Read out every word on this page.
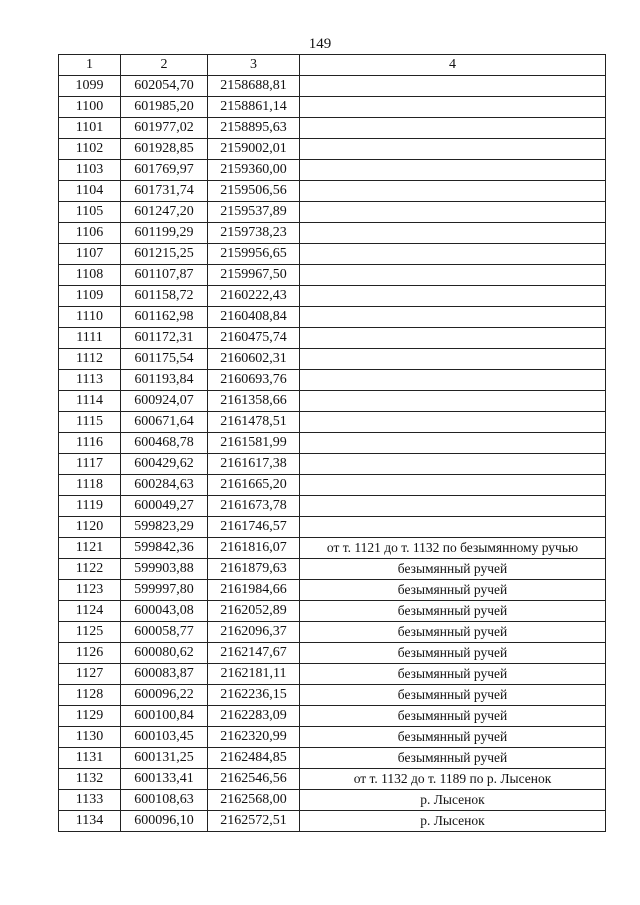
149
1	2	3	4
1099	602054,70	2158688,81	
1100	601985,20	2158861,14	
1101	601977,02	2158895,63	
1102	601928,85	2159002,01	
1103	601769,97	2159360,00	
1104	601731,74	2159506,56	
1105	601247,20	2159537,89	
1106	601199,29	2159738,23	
1107	601215,25	2159956,65	
1108	601107,87	2159967,50	
1109	601158,72	2160222,43	
1110	601162,98	2160408,84	
1111	601172,31	2160475,74	
1112	601175,54	2160602,31	
1113	601193,84	2160693,76	
1114	600924,07	2161358,66	
1115	600671,64	2161478,51	
1116	600468,78	2161581,99	
1117	600429,62	2161617,38	
1118	600284,63	2161665,20	
1119	600049,27	2161673,78	
1120	599823,29	2161746,57	
1121	599842,36	2161816,07	от т. 1121 до т. 1132 по безымянному ручью
1122	599903,88	2161879,63	безымянный ручей
1123	599997,80	2161984,66	безымянный ручей
1124	600043,08	2162052,89	безымянный ручей
1125	600058,77	2162096,37	безымянный ручей
1126	600080,62	2162147,67	безымянный ручей
1127	600083,87	2162181,11	безымянный ручей
1128	600096,22	2162236,15	безымянный ручей
1129	600100,84	2162283,09	безымянный ручей
1130	600103,45	2162320,99	безымянный ручей
1131	600131,25	2162484,85	безымянный ручей
1132	600133,41	2162546,56	от т. 1132 до т. 1189 по р. Лысенок
1133	600108,63	2162568,00	р. Лысенок
1134	600096,10	2162572,51	р. Лысенок
